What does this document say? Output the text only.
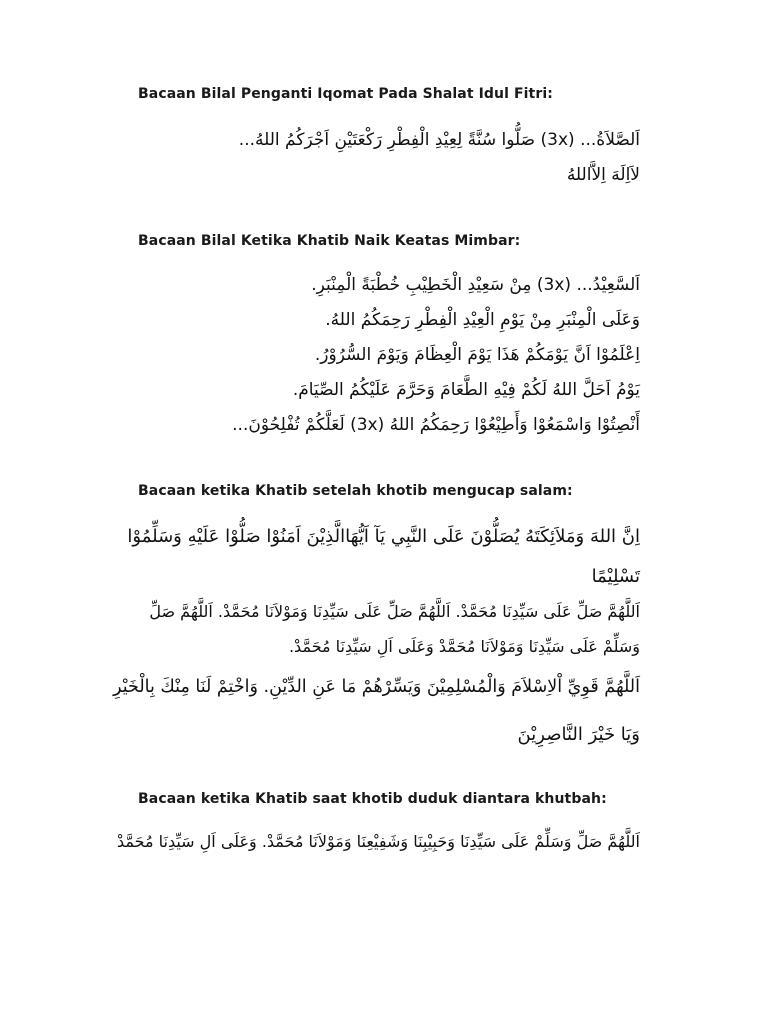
Bacaan Bilal Penganti Iqomat Pada Shalat Idul Fitri:
اَلصَّلاَةُ... (3x) صَلُّوا سُنَّةً لِعِيْدِ الْفِطْرِ رَكْعَتَيْنِ اَجْرَكُمُ اللهُ...
لاَاِلَهَ اِلاَّاللهُ
Bacaan Bilal Ketika Khatib Naik Keatas Mimbar:
اَلسَّعِيْدُ... (3x) مِنْ سَعِيْدِ الْخَطِيْبِ خُطْبَةً الْمِنْبَرِ.
وَعَلَى الْمِنْبَرِ مِنْ يَوْمِ الْعِيْدِ الْفِطْرِ رَحِمَكُمُ اللهُ.
اِعْلَمُوْا اَنَّ يَوْمَكُمْ هَذَا يَوْمَ الْعِظَامَ وَيَوْمَ السُّرُوْرُ.
يَوْمُ اَحَلَّ اللهُ لَكُمْ فِيْهِ الطَّعَامَ وَحَرَّمَ عَلَيْكُمُ الصِّيَامَ.
أَنْصِتُوْا وَاسْمَعُوْا وَأَطِيْعُوْا رَحِمَكُمُ اللهُ (3x) لَعَلَّكُمْ تُفْلِحُوْنَ...
Bacaan ketika Khatib setelah khotib mengucap salam:
اِنَّ اللهَ وَمَلاَئِكَتَهُ يُصَلُّوْنَ عَلَى النَّبِي يَآ اَيُّهَاالَّذِيْنَ اَمَنُوْا صَلُّوْا عَلَيْهِ وَسَلِّمُوْا
تَسْلِيْمًا
اَللَّهُمَّ صَلِّ عَلَى سَيِّدِنَا مُحَمَّدْ. اَللَّهُمَّ صَلِّ عَلَى سَيِّدِنَا وَمَوْلاَنَا مُحَمَّدْ. اَللَّهُمَّ صَلِّ
وَسَلِّمْ عَلَى سَيِّدِنَا وَمَوْلاَنَا مُحَمَّدْ وَعَلَى اَلِ سَيِّدِنَا مُحَمَّدْ.
اَللَّهُمَّ قَوِيِّ اْلاِسْلاَمَ وَالْمُسْلِمِيْنَ وَيَسِّرْهُمْ مَا عَنِ الدِّيْنِ. وَاخْتِمْ لَنَا مِنْكَ بِالْخَيْرِ
وَيَا خَيْرَ النَّاصِرِيْنَ
Bacaan ketika Khatib saat khotib duduk diantara khutbah:
اَللَّهُمَّ صَلِّ وَسَلِّمْ عَلَى سَيِّدِنَا وَحَبِيْبِنَا وَشَفِيْعِنَا وَمَوْلاَنَا مُحَمَّدْ. وَعَلَى اَلِ سَيِّدِنَا مُحَمَّدْ
